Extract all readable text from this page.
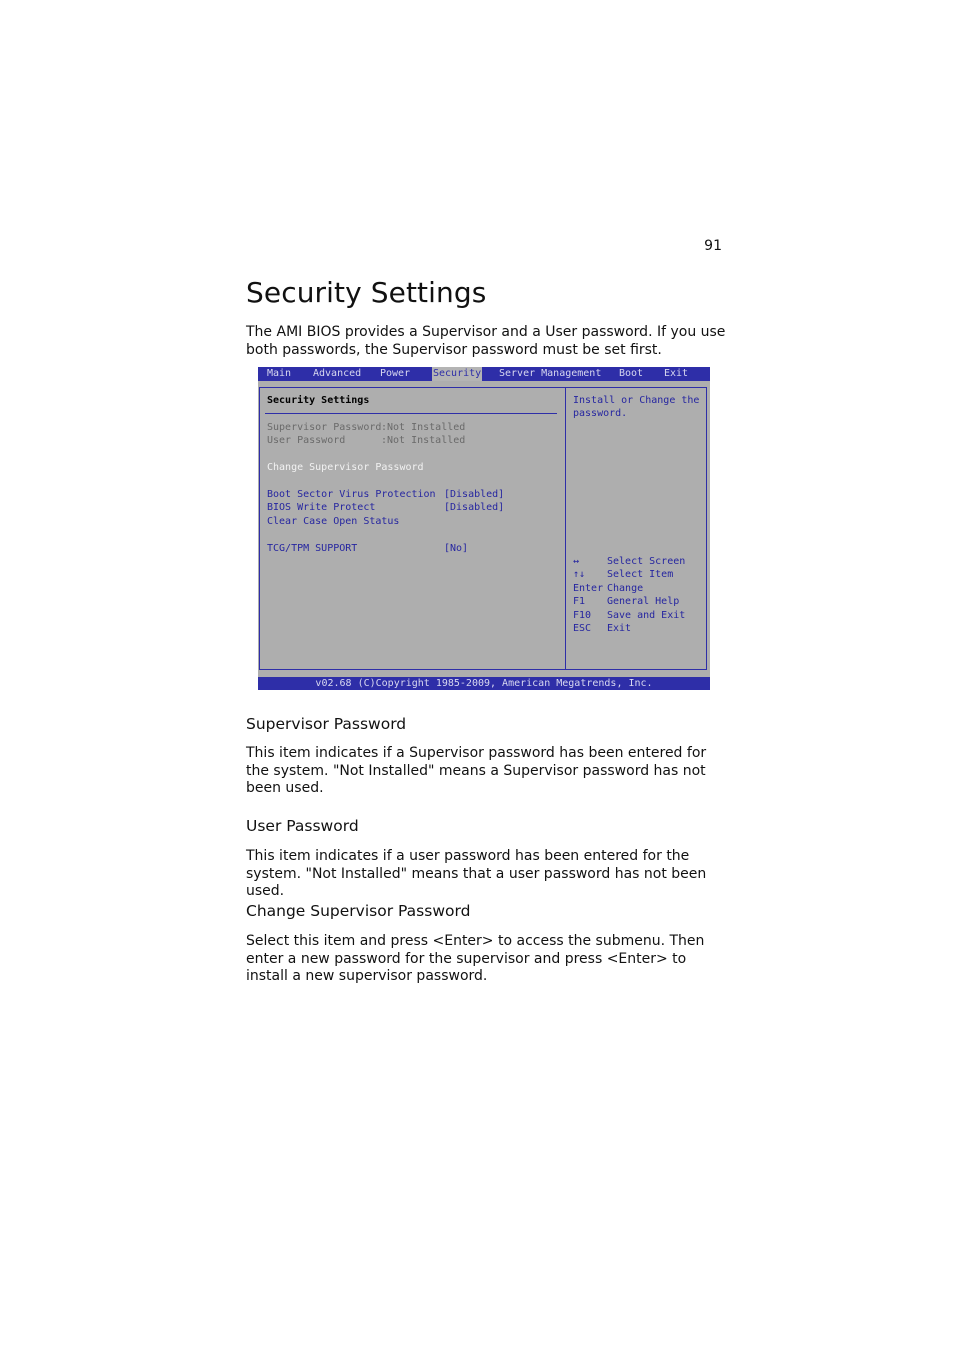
91
Security Settings

The AMI BIOS provides a Supervisor and a User password. If you use both passwords, the Supervisor password must be set first.

Main Advanced Power Security Server Management Boot Exit
Security Settings
Supervisor Password :Not Installed
User Password	:Not Installed
Change Supervisor Password
Boot Sector Virus Protection [Disabled]
BIOS Write Protect	[Disabled]
Clear Case Open Status
TCG/TPM SUPPORT	[No]
Install or Change the
password.
↔	Select Screen
↑↓ Select Item
Enter Change
F1 General Help
F10 Save and Exit
ESC Exit
v02.68 (C)Copyright 1985-2009, American Megatrends, Inc.
Supervisor Password

This item indicates if a Supervisor password has been entered for the system. "Not Installed" means a Supervisor password has not been used.

User Password

This item indicates if a user password has been entered for the system. "Not Installed" means that a user password has not been used.

Change Supervisor Password

Select this item and press <Enter> to access the submenu. Then enter a new password for the supervisor and press <Enter> to install a new supervisor password.
